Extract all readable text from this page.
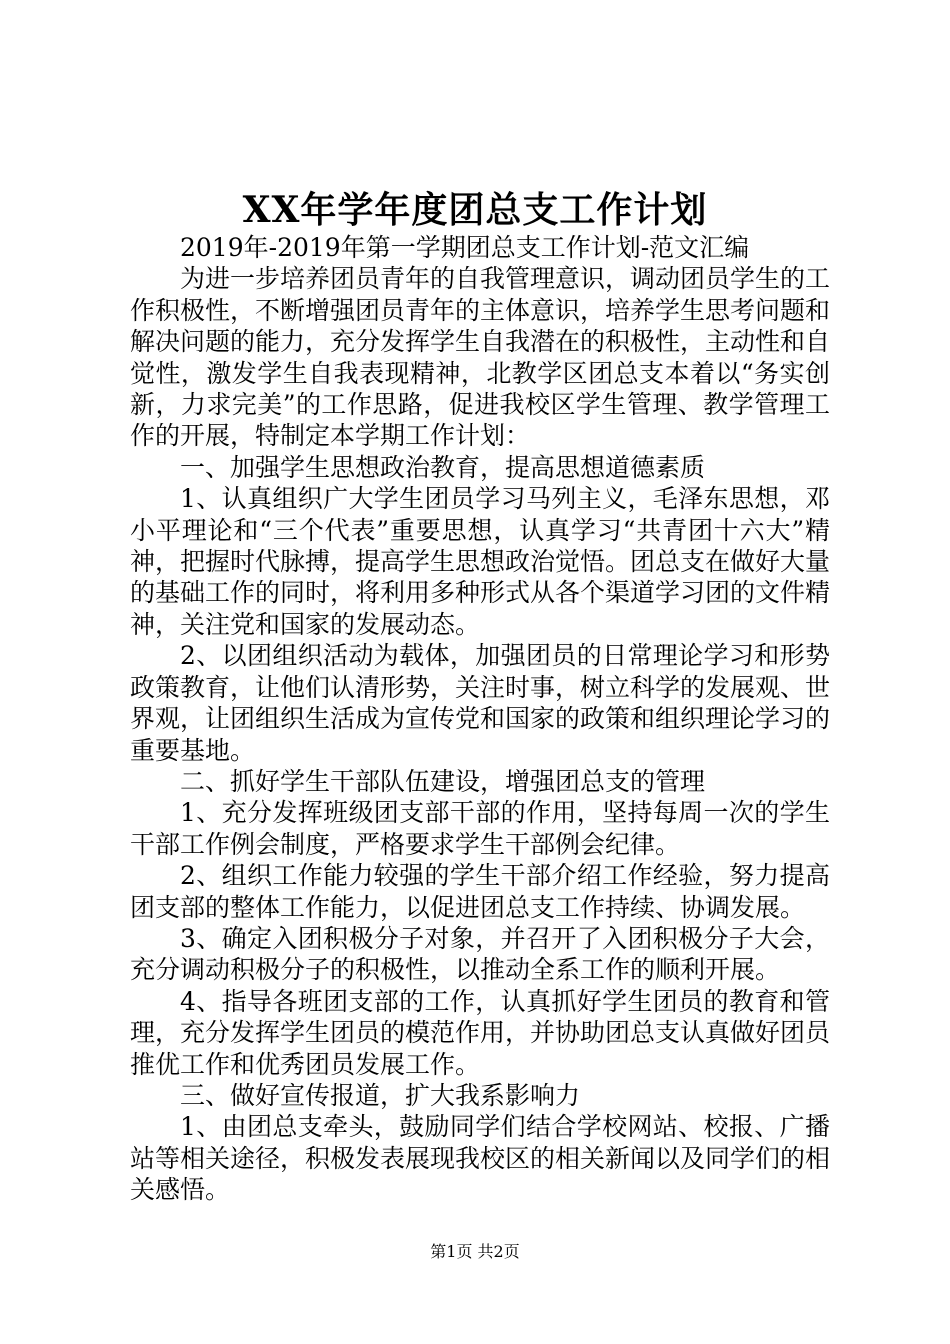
XX年学年度团总支工作计划

2019年-2019年第一学期团总支工作计划-范文汇编

为进一步培养团员青年的自我管理意识，调动团员学生的工作积极性，不断增强团员青年的主体意识，培养学生思考问题和解决问题的能力，充分发挥学生自我潜在的积极性，主动性和自觉性，激发学生自我表现精神，北教学区团总支本着以“务实创新，力求完美”的工作思路，促进我校区学生管理、教学管理工作的开展，特制定本学期工作计划：

一、加强学生思想政治教育，提高思想道德素质

1、认真组织广大学生团员学习马列主义，毛泽东思想，邓小平理论和“三个代表”重要思想，认真学习“共青团十六大”精神，把握时代脉搏，提高学生思想政治觉悟。团总支在做好大量的基础工作的同时，将利用多种形式从各个渠道学习团的文件精神，关注党和国家的发展动态。

2、以团组织活动为载体，加强团员的日常理论学习和形势政策教育，让他们认清形势，关注时事，树立科学的发展观、世界观，让团组织生活成为宣传党和国家的政策和组织理论学习的重要基地。

二、抓好学生干部队伍建设，增强团总支的管理

1、充分发挥班级团支部干部的作用，坚持每周一次的学生干部工作例会制度，严格要求学生干部例会纪律。

2、组织工作能力较强的学生干部介绍工作经验，努力提高团支部的整体工作能力，以促进团总支工作持续、协调发展。

3、确定入团积极分子对象，并召开了入团积极分子大会，充分调动积极分子的积极性，以推动全系工作的顺利开展。

4、指导各班团支部的工作，认真抓好学生团员的教育和管理，充分发挥学生团员的模范作用，并协助团总支认真做好团员推优工作和优秀团员发展工作。

三、做好宣传报道，扩大我系影响力

1、由团总支牵头，鼓励同学们结合学校网站、校报、广播站等相关途径，积极发表展现我校区的相关新闻以及同学们的相关感悟。

第1页 共2页
